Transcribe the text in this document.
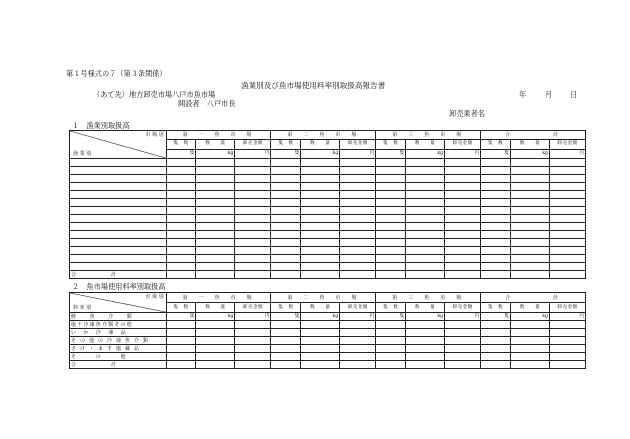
第１号様式の７（第３条関係）
漁業別及び魚市場使用料率別取扱高報告書
（あて先）地方卸売市場八戸市魚市場	年	月 日
開設者　八戸市長
卸売業者名
１　漁業別取扱高
市 場 別
漁 業 別	第　一　魚　市　場			第　二　魚　市　場			第　三　魚　市　場			合　　　　　計		
	隻　数	数　　量	卸売金額	隻　数	数　　量	卸売金額	隻　数	数　　量	卸売金額	隻　数	数　　量	卸売金額
	隻	kg	円	隻	kg	円	隻	kg	円	隻	kg	円

合　　　　　　　計												
２　魚市場使用料率別取扱高
市 場 別
料 率 別	第　一　魚　市　場			第　二　魚　市　場			第　三　魚　市　場			合　　　　　計		
	隻　数	数　　量	卸売金額	隻　数	数　　量	卸売金額	隻　数	数　　量	卸売金額	隻　数	数　　量	卸売金額
鮮　　魚　　介　　類	隻	kg	円	隻	kg	円	隻	kg	円	隻	kg	円
塩干冷凍魚介類その他												
い　か　冷　凍　品												
そ の 他 の 冷 凍 魚 介 類												
さ け ・ ま す 塩 蔵 品												
そ　　　の　　　他												
合　　　　　　　計												
